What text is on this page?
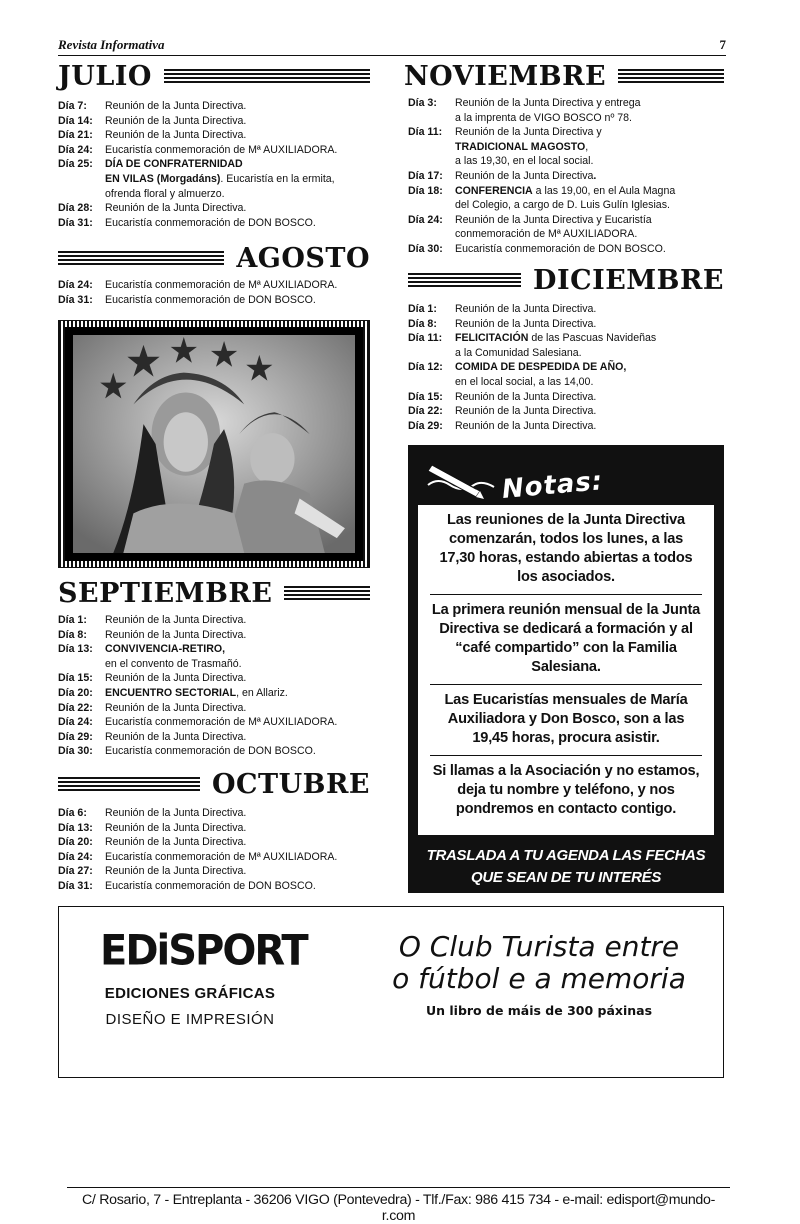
Revista Informativa	7
JULIO
Día 7:	Reunión de la Junta Directiva.
Día 14:	Reunión de la Junta Directiva.
Día 21:	Reunión de la Junta Directiva.
Día 24:	Eucaristía conmemoración de Mª AUXILIADORA.
Día 25:	DÍA DE CONFRATERNIDAD
EN VILAS (Morgadáns). Eucaristía en la ermita,
ofrenda floral y almuerzo.
Día 28:	Reunión de la Junta Directiva.
Día 31:	Eucaristía conmemoración de DON BOSCO.
AGOSTO
Día 24:	Eucaristía conmemoración de Mª AUXILIADORA.
Día 31:	Eucaristía conmemoración de DON BOSCO.
SEPTIEMBRE
Día 1:	Reunión de la Junta Directiva.
Día 8:	Reunión de la Junta Directiva.
Día 13:	CONVIVENCIA-RETIRO,
en el convento de Trasmañó.
Día 15:	Reunión de la Junta Directiva.
Día 20:	ENCUENTRO SECTORIAL, en Allariz.
Día 22:	Reunión de la Junta Directiva.
Día 24:	Eucaristía conmemoración de Mª AUXILIADORA.
Día 29:	Reunión de la Junta Directiva.
Día 30:	Eucaristía conmemoración de DON BOSCO.
OCTUBRE
Día 6:	Reunión de la Junta Directiva.
Día 13:	Reunión de la Junta Directiva.
Día 20:	Reunión de la Junta Directiva.
Día 24:	Eucaristía conmemoración de Mª AUXILIADORA.
Día 27:	Reunión de la Junta Directiva.
Día 31:	Eucaristía conmemoración de DON BOSCO.
NOVIEMBRE
Día 3:	Reunión de la Junta Directiva y entrega
a la imprenta de VIGO BOSCO nº 78.
Día 11:	Reunión de la Junta Directiva y
TRADICIONAL MAGOSTO,
a las 19,30, en el local social.
Día 17:	Reunión de la Junta Directiva.
Día 18:	CONFERENCIA a las 19,00, en el Aula Magna
del Colegio, a cargo de D. Luis Gulín Iglesias.
Día 24:	Reunión de la Junta Directiva y Eucaristía
conmemoración de Mª AUXILIADORA.
Día 30:	Eucaristía conmemoración de DON BOSCO.
DICIEMBRE
Día 1:	Reunión de la Junta Directiva.
Día 8:	Reunión de la Junta Directiva.
Día 11:	FELICITACIÓN de las Pascuas Navideñas
a la Comunidad Salesiana.
Día 12:	COMIDA DE DESPEDIDA DE AÑO,
en el local social, a las 14,00.
Día 15:	Reunión de la Junta Directiva.
Día 22:	Reunión de la Junta Directiva.
Día 29:	Reunión de la Junta Directiva.
Notas:
Las reuniones de la Junta Directiva comenzarán, todos los lunes, a las 17,30 horas, estando abiertas a todos los asociados.
La primera reunión mensual de la Junta Directiva se dedicará a formación y al “café compartido” con la Familia Salesiana.
Las Eucaristías mensuales de María Auxiliadora y Don Bosco, son a las 19,45 horas, procura asistir.
Si llamas a la Asociación y no estamos, deja tu nombre y teléfono, y nos pondremos en contacto contigo.
TRASLADA A TU AGENDA LAS FECHAS
QUE SEAN DE TU INTERÉS
EDiSPORT
EDICIONES GRÁFICAS
DISEÑO E IMPRESIÓN
O Club Turista entre
o fútbol e a memoria
Un libro de máis de 300 páxinas

C/ Rosario, 7 - Entreplanta - 36206 VIGO (Pontevedra) - Tlf./Fax: 986 415 734 - e-mail: edisport@mundo-r.com
